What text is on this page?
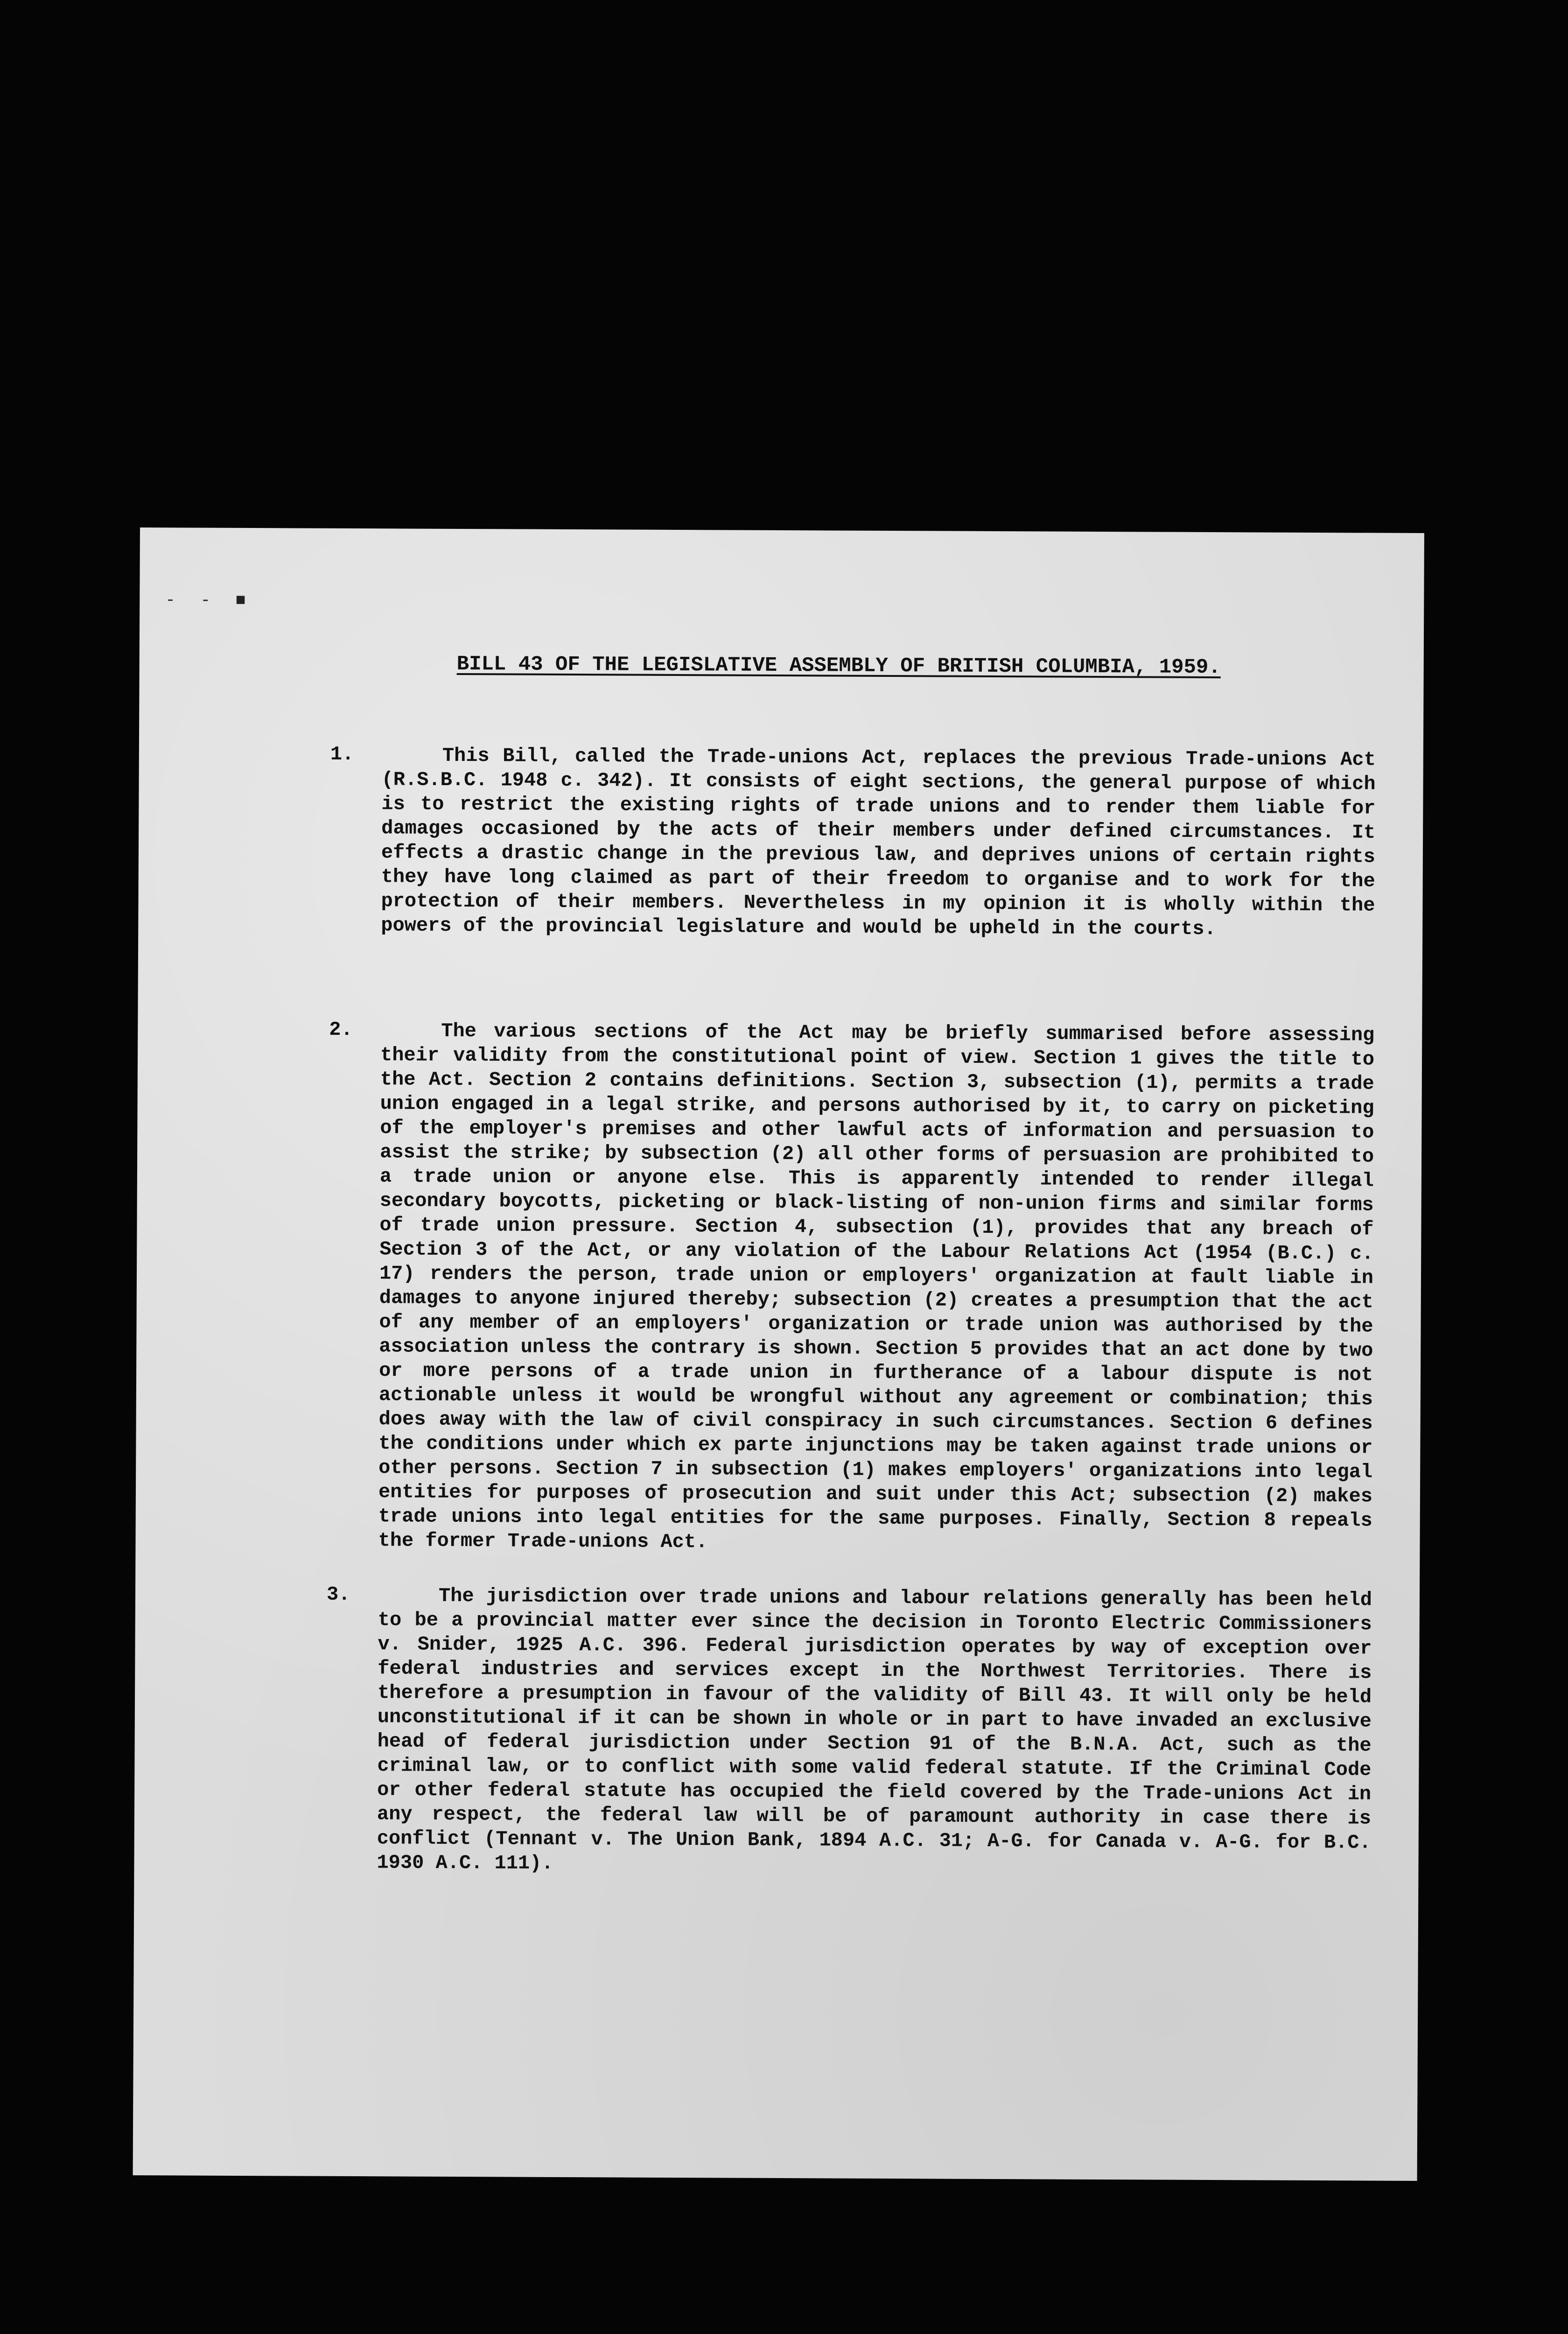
- - ■
BILL 43 OF THE LEGISLATIVE ASSEMBLY OF BRITISH COLUMBIA, 1959.
1.	This Bill, called the Trade-unions Act, replaces the previous Trade-unions Act (R.S.B.C. 1948 c. 342). It consists of eight sections, the general purpose of which is to restrict the existing rights of trade unions and to render them liable for damages occasioned by the acts of their members under defined circumstances. It effects a drastic change in the previous law, and deprives unions of certain rights they have long claimed as part of their freedom to organise and to work for the protection of their members. Nevertheless in my opinion it is wholly within the powers of the provincial legislature and would be upheld in the courts.
2.	The various sections of the Act may be briefly summarised before assessing their validity from the constitutional point of view. Section 1 gives the title to the Act. Section 2 contains definitions. Section 3, subsection (1), permits a trade union engaged in a legal strike, and persons authorised by it, to carry on picketing of the employer's premises and other lawful acts of information and persuasion to assist the strike; by subsection (2) all other forms of persuasion are prohibited to a trade union or anyone else. This is apparently intended to render illegal secondary boycotts, picketing or black-listing of non-union firms and similar forms of trade union pressure. Section 4, subsection (1), provides that any breach of Section 3 of the Act, or any violation of the Labour Relations Act (1954 (B.C.) c. 17) renders the person, trade union or employers' organization at fault liable in damages to anyone injured thereby; subsection (2) creates a presumption that the act of any member of an employers' organization or trade union was authorised by the association unless the contrary is shown. Section 5 provides that an act done by two or more persons of a trade union in furtherance of a labour dispute is not actionable unless it would be wrongful without any agreement or combination; this does away with the law of civil conspiracy in such circumstances. Section 6 defines the conditions under which ex parte injunctions may be taken against trade unions or other persons. Section 7 in subsection (1) makes employers' organizations into legal entities for purposes of prosecution and suit under this Act; subsection (2) makes trade unions into legal entities for the same purposes. Finally, Section 8 repeals the former Trade-unions Act.
3.	The jurisdiction over trade unions and labour relations generally has been held to be a provincial matter ever since the decision in Toronto Electric Commissioners v. Snider, 1925 A.C. 396. Federal jurisdiction operates by way of exception over federal industries and services except in the Northwest Territories. There is therefore a presumption in favour of the validity of Bill 43. It will only be held unconstitutional if it can be shown in whole or in part to have invaded an exclusive head of federal jurisdiction under Section 91 of the B.N.A. Act, such as the criminal law, or to conflict with some valid federal statute. If the Criminal Code or other federal statute has occupied the field covered by the Trade-unions Act in any respect, the federal law will be of paramount authority in case there is conflict (Tennant v. The Union Bank, 1894 A.C. 31; A-G. for Canada v. A-G. for B.C. 1930 A.C. 111).
